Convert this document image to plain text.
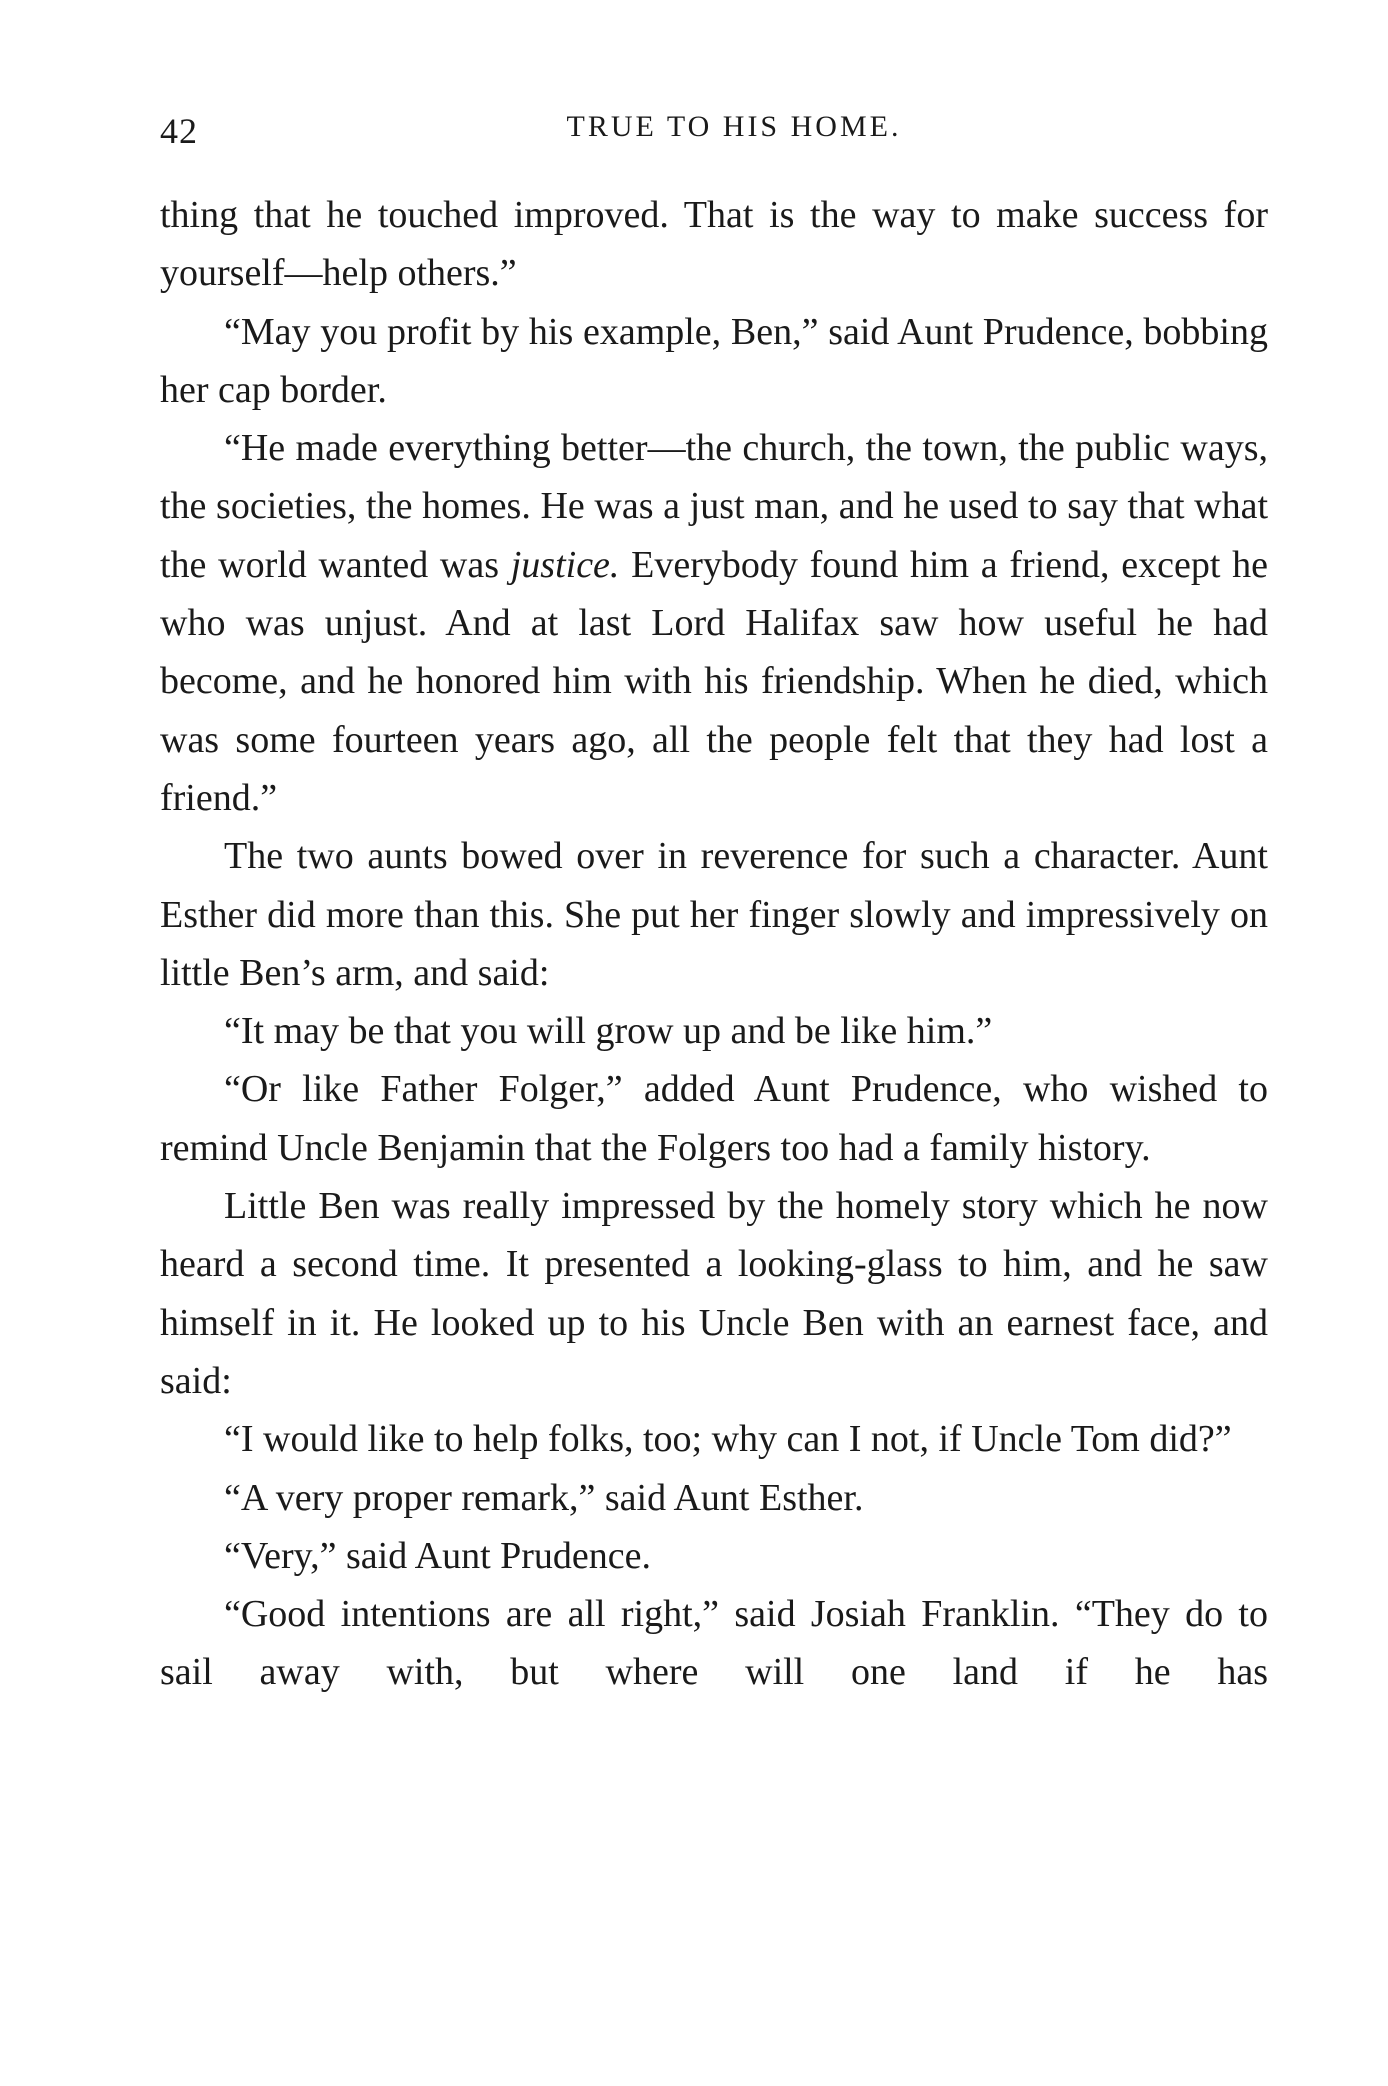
42	TRUE TO HIS HOME.

thing that he touched improved. That is the way to make success for yourself—help others.”

“May you profit by his example, Ben,” said Aunt Prudence, bobbing her cap border.

“He made everything better—the church, the town, the public ways, the societies, the homes. He was a just man, and he used to say that what the world wanted was justice. Everybody found him a friend, except he who was unjust. And at last Lord Halifax saw how useful he had become, and he honored him with his friendship. When he died, which was some fourteen years ago, all the people felt that they had lost a friend.”

The two aunts bowed over in reverence for such a character. Aunt Esther did more than this. She put her finger slowly and impressively on little Ben’s arm, and said:

“It may be that you will grow up and be like him.”

“Or like Father Folger,” added Aunt Prudence, who wished to remind Uncle Benjamin that the Folgers too had a family history.

Little Ben was really impressed by the homely story which he now heard a second time. It presented a looking-glass to him, and he saw himself in it. He looked up to his Uncle Ben with an earnest face, and said:

“I would like to help folks, too; why can I not, if Uncle Tom did?”

“A very proper remark,” said Aunt Esther.

“Very,” said Aunt Prudence.

“Good intentions are all right,” said Josiah Franklin. “They do to sail away with, but where will one land if he has
